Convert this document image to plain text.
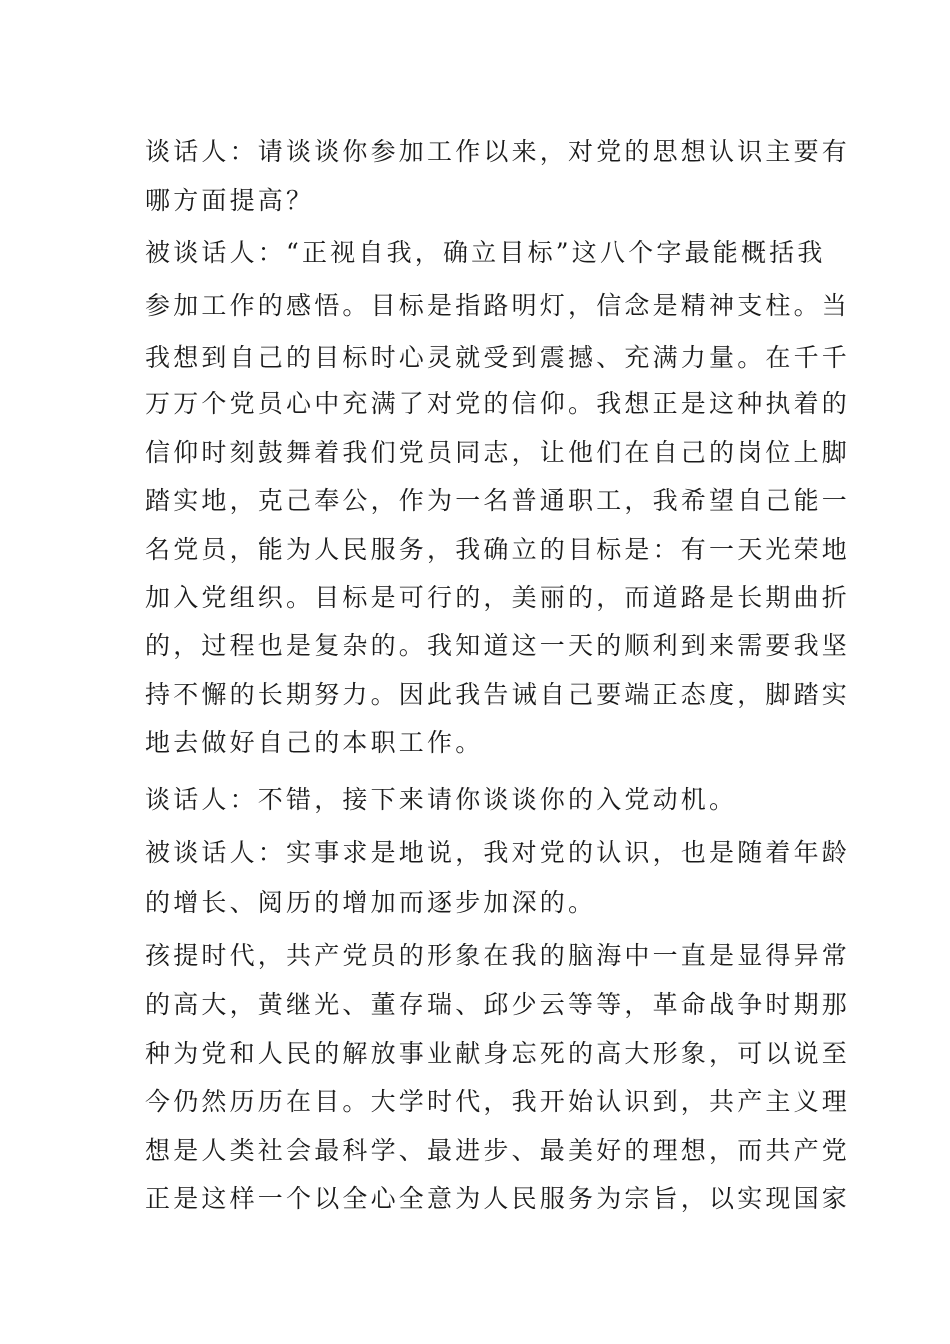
谈话人：请谈谈你参加工作以来，对党的思想认识主要有
哪方面提高？
被谈话人：“正视自我，确立目标”这八个字最能概括我
参加工作的感悟。目标是指路明灯，信念是精神支柱。当
我想到自己的目标时心灵就受到震撼、充满力量。在千千
万万个党员心中充满了对党的信仰。我想正是这种执着的
信仰时刻鼓舞着我们党员同志，让他们在自己的岗位上脚
踏实地，克己奉公，作为一名普通职工，我希望自己能一
名党员，能为人民服务，我确立的目标是：有一天光荣地
加入党组织。目标是可行的，美丽的，而道路是长期曲折
的，过程也是复杂的。我知道这一天的顺利到来需要我坚
持不懈的长期努力。因此我告诫自己要端正态度，脚踏实
地去做好自己的本职工作。
谈话人：不错，接下来请你谈谈你的入党动机。
被谈话人：实事求是地说，我对党的认识，也是随着年龄
的增长、阅历的增加而逐步加深的。
孩提时代，共产党员的形象在我的脑海中一直是显得异常
的高大，黄继光、董存瑞、邱少云等等，革命战争时期那
种为党和人民的解放事业献身忘死的高大形象，可以说至
今仍然历历在目。大学时代，我开始认识到，共产主义理
想是人类社会最科学、最进步、最美好的理想，而共产党
正是这样一个以全心全意为人民服务为宗旨，以实现国家
